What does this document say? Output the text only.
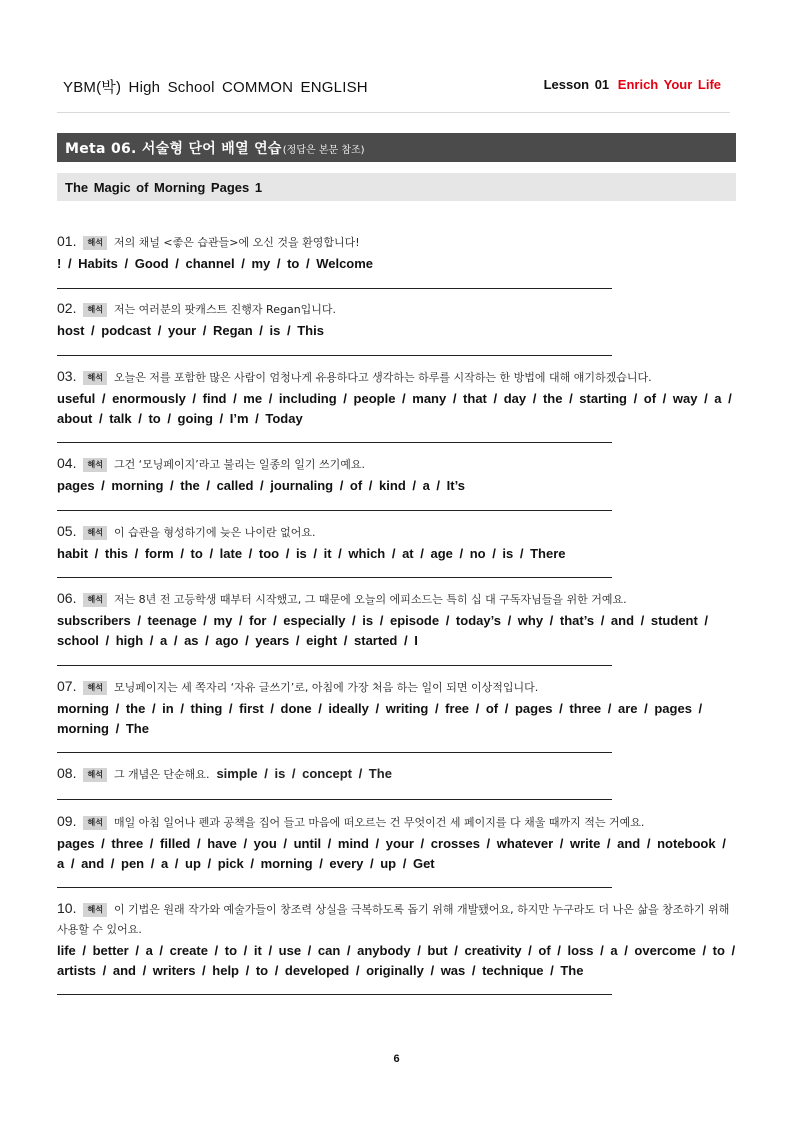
YBM(박) High School COMMON ENGLISH	Lesson 01 Enrich Your Life
Meta 06. 서술형 단어 배열 연습 (정답은 본문 참조)
The Magic of Morning Pages 1
01. 해석 저의 채널 <좋은 습관들>에 오신 것을 환영합니다!
! / Habits / Good / channel / my / to / Welcome
02. 해석 저는 여러분의 팟캐스트 진행자 Regan입니다.
host / podcast / your / Regan / is / This
03. 해석 오늘은 저를 포함한 많은 사람이 엄청나게 유용하다고 생각하는 하루를 시작하는 한 방법에 대해 얘기하겠습니다.
useful / enormously / find / me / including / people / many / that / day / the / starting / of / way / a / about / talk / to / going / I’m / Today
04. 해석 그건 ‘모닝페이지’라고 불리는 일종의 일기 쓰기예요.
pages / morning / the / called / journaling / of / kind / a / It’s
05. 해석 이 습관을 형성하기에 늦은 나이란 없어요.
habit / this / form / to / late / too / is / it / which / at / age / no / is / There
06. 해석 저는 8년 전 고등학생 때부터 시작했고, 그 때문에 오늘의 에피소드는 특히 십 대 구독자님들을 위한 거예요.
subscribers / teenage / my / for / especially / is / episode / today’s / why / that’s / and / student / school / high / a / as / ago / years / eight / started / I
07. 해석 모닝페이지는 세 쪽자리 ‘자유 글쓰기’로, 아침에 가장 처음 하는 일이 되면 이상적입니다.
morning / the / in / thing / first / done / ideally / writing / free / of / pages / three / are / pages / morning / The
08. 해석 그 개념은 단순해요. simple / is / concept / The
09. 해석 매일 아침 일어나 펜과 공책을 집어 들고 마음에 떠오르는 건 무엇이건 세 페이지를 다 채울 때까지 적는 거예요.
pages / three / filled / have / you / until / mind / your / crosses / whatever / write / and / notebook / a / and / pen / a / up / pick / morning / every / up / Get
10. 해석 이 기법은 원래 작가와 예술가들이 창조력 상실을 극복하도록 돕기 위해 개발됐어요, 하지만 누구라도 더 나은 삶을 창조하기 위해 사용할 수 있어요.
life / better / a / create / to / it / use / can / anybody / but / creativity / of / loss / a / overcome / to / artists / and / writers / help / to / developed / originally / was / technique / The
6
